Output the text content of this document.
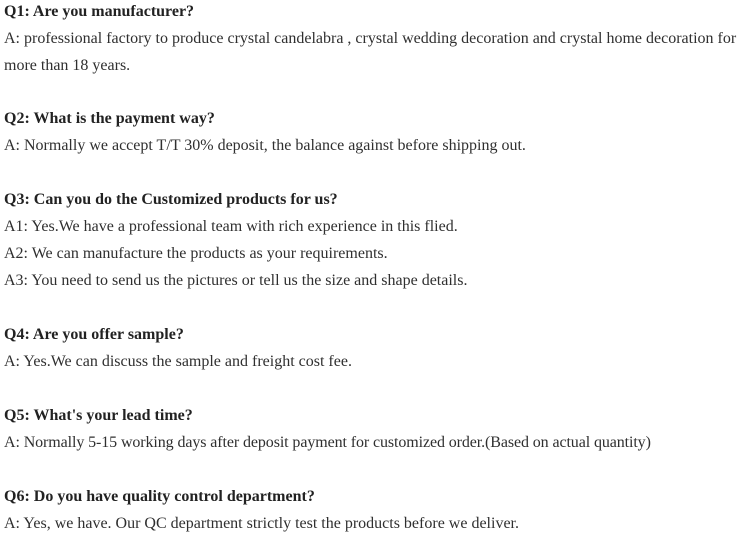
Q1: Are you manufacturer?

A: professional factory to produce crystal candelabra , crystal wedding decoration and crystal home decoration for more than 18 years.

Q2: What is the payment way?

A: Normally we accept T/T 30% deposit, the balance against before shipping out.

Q3: Can you do the Customized products for us?

A1: Yes.We have a professional team with rich experience in this flied.

A2: We can manufacture the products as your requirements.

A3: You need to send us the pictures or tell us the size and shape details.

Q4: Are you offer sample?

A: Yes.We can discuss the sample and freight cost fee.

Q5: What's your lead time?

A: Normally 5-15 working days after deposit payment for customized order.(Based on actual quantity)

Q6: Do you have quality control department?

A: Yes, we have. Our QC department strictly test the products before we deliver.
